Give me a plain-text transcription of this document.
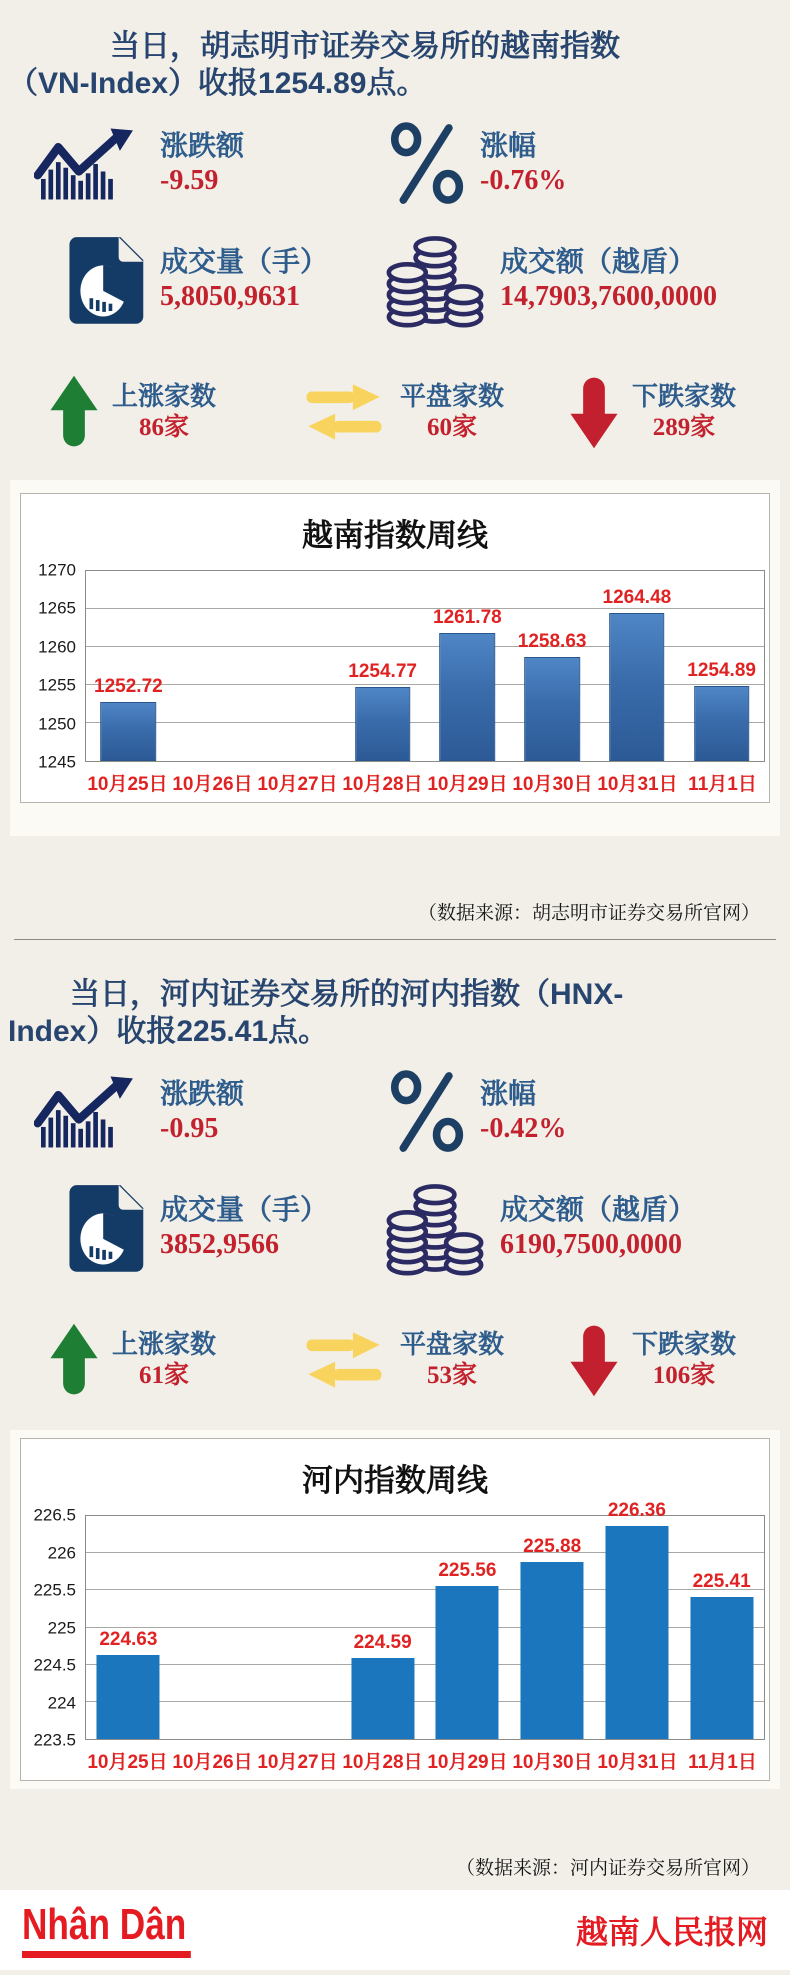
当日，胡志明市证券交易所的越南指数
（VN-Index）收报1254.89点。
涨跌额
-9.59
涨幅
-0.76%
成交量（手）
5,8050,9631
成交额（越盾）
14,7903,7600,0000
上涨家数
86家
平盘家数
60家
下跌家数
289家
越南指数周线
1245
1250
1255
1260
1265
1270
1252.72
1254.77
1261.78
1258.63
1264.48
1254.89
10月25日 10月26日 10月27日 10月28日 10月29日 10月30日 10月31日 11月1日
（数据来源：胡志明市证券交易所官网）
当日，河内证券交易所的河内指数（HNX-
Index）收报225.41点。
涨跌额
-0.95
涨幅
-0.42%
成交量（手）
3852,9566
成交额（越盾）
6190,7500,0000
上涨家数
61家
平盘家数
53家
下跌家数
106家
河内指数周线
223.5
224
224.5
225
225.5
226
226.5
224.63	224.59
225.56
225.88
226.36
225.41
10月25日 10月26日 10月27日 10月28日 10月29日 10月30日 10月31日 11月1日
（数据来源：河内证券交易所官网）
Nhân Dân	越南人民报网
